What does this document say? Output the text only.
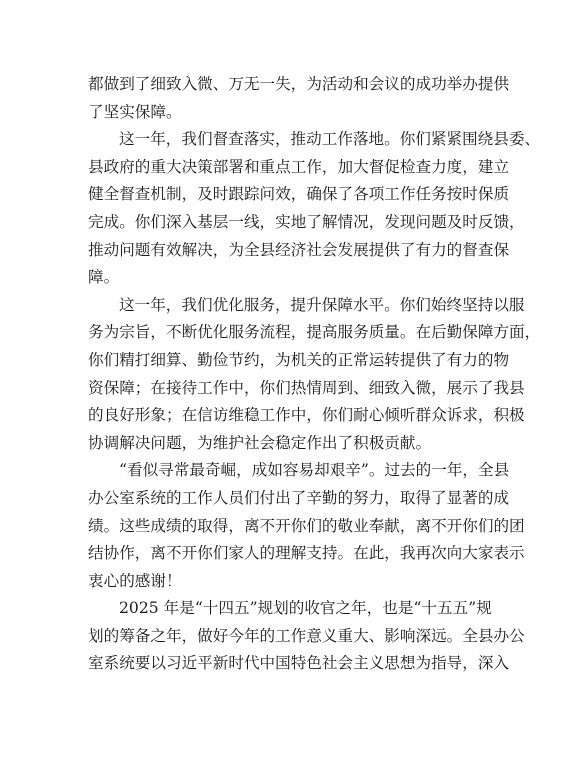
都做到了细致入微、万无一失，为活动和会议的成功举办提供
了坚实保障。
这一年，我们督查落实，推动工作落地。你们紧紧围绕县委、
县政府的重大决策部署和重点工作，加大督促检查力度，建立
健全督查机制，及时跟踪问效，确保了各项工作任务按时保质
完成。你们深入基层一线，实地了解情况，发现问题及时反馈，
推动问题有效解决，为全县经济社会发展提供了有力的督查保
障。
这一年，我们优化服务，提升保障水平。你们始终坚持以服
务为宗旨，不断优化服务流程，提高服务质量。在后勤保障方面，
你们精打细算、勤俭节约，为机关的正常运转提供了有力的物
资保障；在接待工作中，你们热情周到、细致入微，展示了我县
的良好形象；在信访维稳工作中，你们耐心倾听群众诉求，积极
协调解决问题，为维护社会稳定作出了积极贡献。
“看似寻常最奇崛，成如容易却艰辛”。过去的一年，全县
办公室系统的工作人员们付出了辛勤的努力，取得了显著的成
绩。这些成绩的取得，离不开你们的敬业奉献，离不开你们的团
结协作，离不开你们家人的理解支持。在此，我再次向大家表示
衷心的感谢！
2025 年是“十四五”规划的收官之年，也是“十五五”规
划的筹备之年，做好今年的工作意义重大、影响深远。全县办公
室系统要以习近平新时代中国特色社会主义思想为指导，深入
